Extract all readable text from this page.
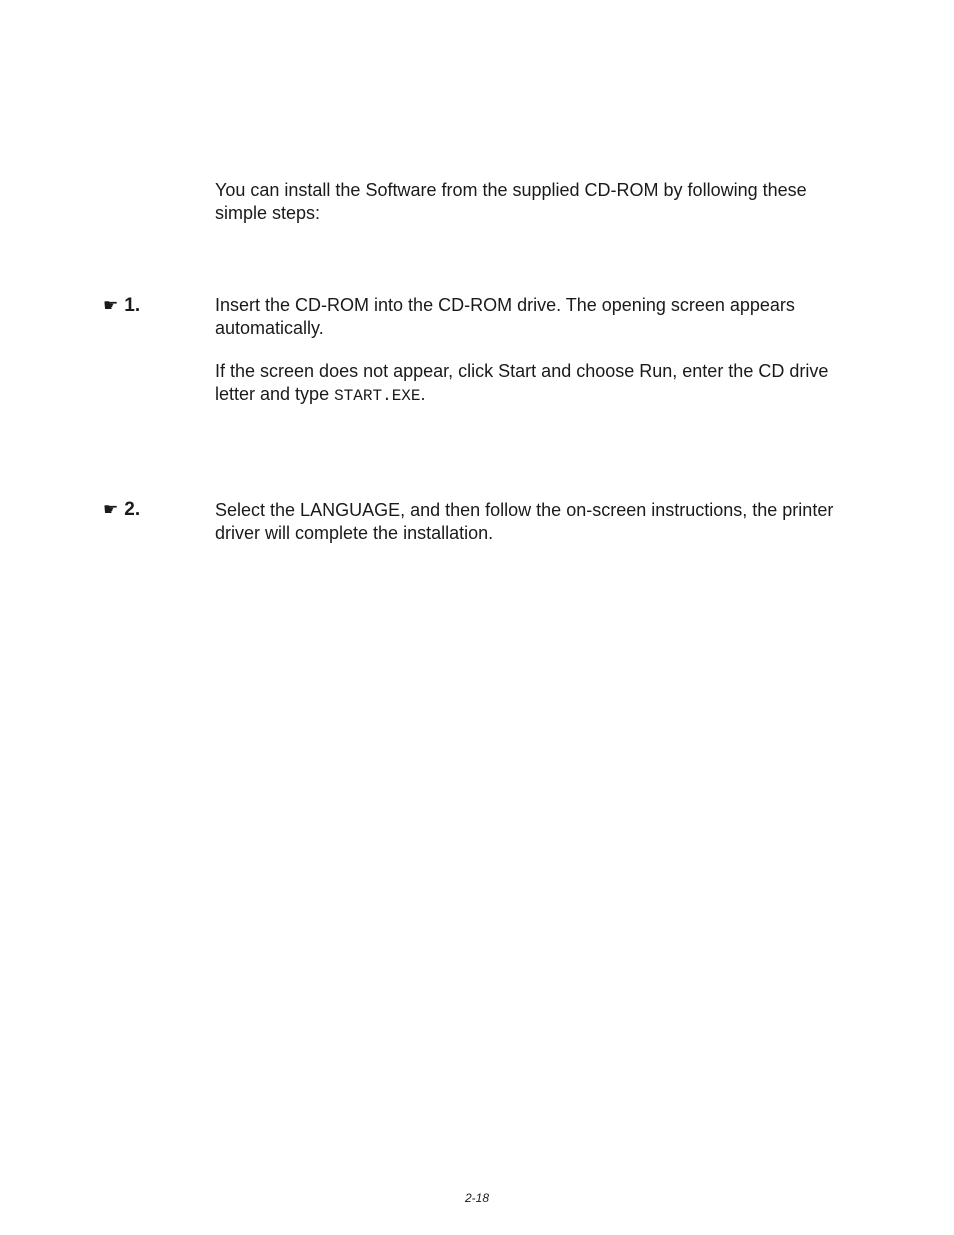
You can install the Software from the supplied CD-ROM by following these simple steps:

☛ 1.	Insert the CD-ROM into the CD-ROM drive. The opening screen appears automatically.

If the screen does not appear, click Start and choose Run, enter the CD drive letter and type START.EXE.

☛ 2.	Select the LANGUAGE, and then follow the on-screen instructions, the printer driver will complete the installation.

2-18
